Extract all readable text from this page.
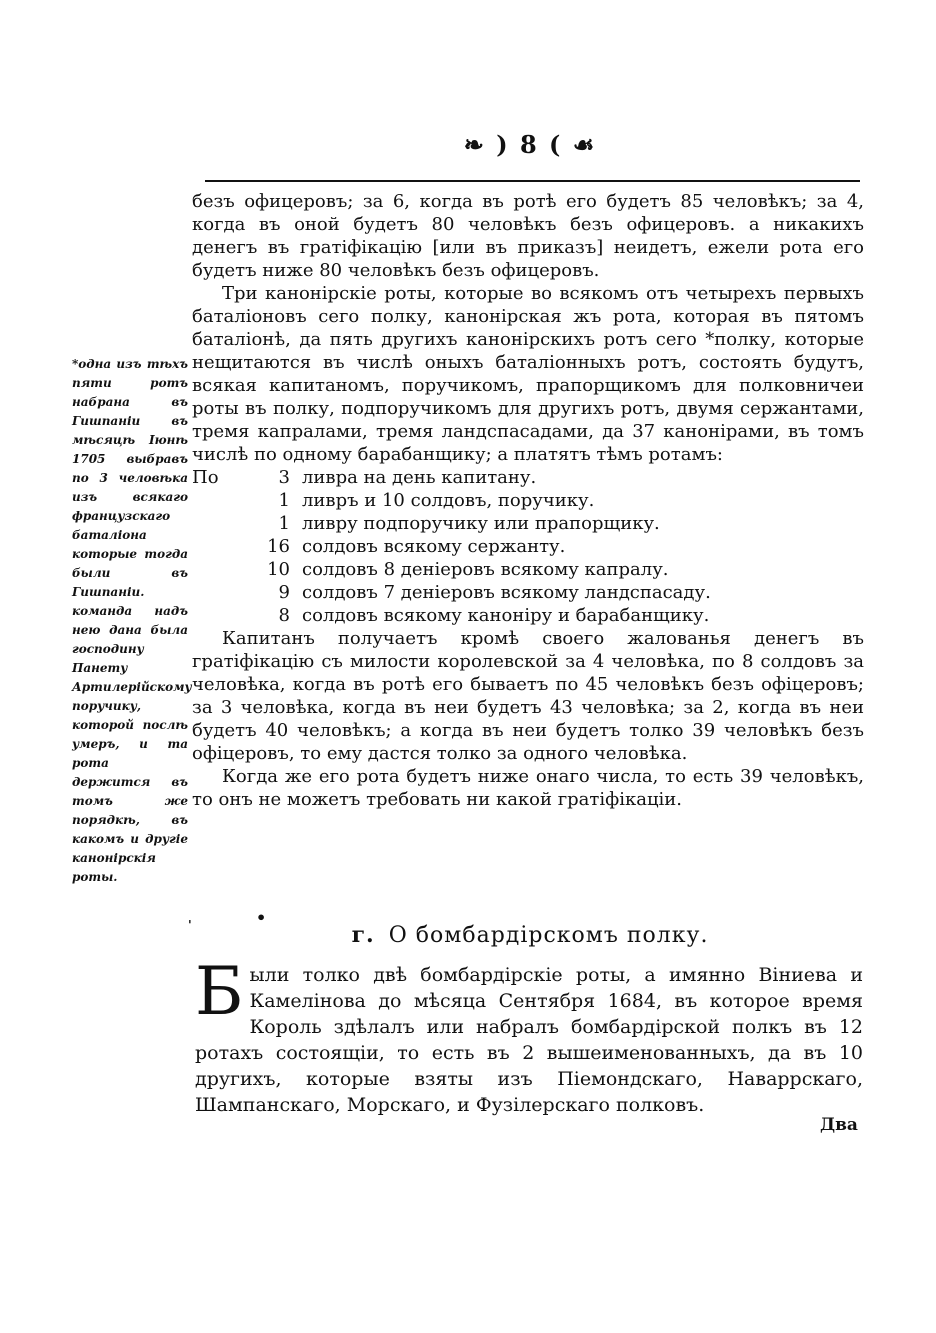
❧ ) 8 ( ☙

безъ офицеровъ; за 6, когда въ ротѣ его будетъ 85 человѣкъ; за 4, когда въ оной будетъ 80 человѣкъ безъ офицеровъ. а никакихъ денегъ въ гратіфікацію [или въ приказъ] неидетъ, ежели рота его будетъ ниже 80 человѣкъ безъ офицеровъ.

Три канонірскіе роты, которые во всякомъ отъ четырехъ первыхъ баталіоновъ сего полку, канонірская жъ рота, которая въ пятомъ баталіонѣ, да пять другихъ канонірскихъ ротъ сего *полку, которые нещитаются въ числѣ оныхъ баталіонныхъ ротъ, состоять будутъ, всякая капитаномъ, поручикомъ, прапорщикомъ для полковничеи роты въ полку, подпоручикомъ для другихъ ротъ, двумя сержантами, тремя капралами, тремя ландспасадами, да 37 канонірами, въ томъ числѣ по одному барабанщику; а платятъ тѣмъ ротамъ:

По	3 ливра на день капитану.
1 ливръ и 10 солдовъ, поручику.
1 ливру подпоручику или прапорщику.
16 солдовъ всякому сержанту.
10 солдовъ 8 деніеровъ всякому капралу.
9 солдовъ 7 деніеровъ всякому ландспасаду.
8 солдовъ всякому каноніру и барабанщику.

Капитанъ получаетъ кромѣ своего жалованья денегъ въ гратіфікацію съ милости королевской за 4 человѣка, по 8 солдовъ за человѣка, когда въ ротѣ его бываетъ по 45 человѣкъ безъ офіцеровъ; за 3 человѣка, когда въ неи будетъ 43 человѣка; за 2, когда въ неи будетъ 40 человѣкъ; а когда въ неи будетъ толко 39 человѣкъ безъ офіцеровъ, то ему дастся толко за одного человѣка.

Когда же его рота будетъ ниже онаго числа, то есть 39 человѣкъ, то онъ не можетъ требовать ни какой гратіфікаціи.

*одна изъ тѣхъ пяти ротъ набрана въ Гишпаніи въ мѣсяцѣ Іюнѣ 1705 выбравъ по 3 человѣка изъ всякаго французскаго баталіона которые тогда были въ Гишпаніи. команда надъ нею дана была господину Панету Артилерійскому поручику, которой послѣ умеръ, и та рота держится въ томъ же порядкѣ, въ какомъ и другіе канонірскія роты.
'	•
г. О бомбардірскомъ полку.
Были толко двѣ бомбардірскіе роты, а имянно Віниева и Камелінова до мѣсяца Сентября 1684, въ которое время Король здѣлалъ или набралъ бомбардірской полкъ въ 12 ротахъ состоящіи, то есть въ 2 вышеименованныхъ, да въ 10 другихъ, которые взяты изъ Піемондскаго, Наваррскаго, Шампанскаго, Морскаго, и Фузілерскаго полковъ.
Два
